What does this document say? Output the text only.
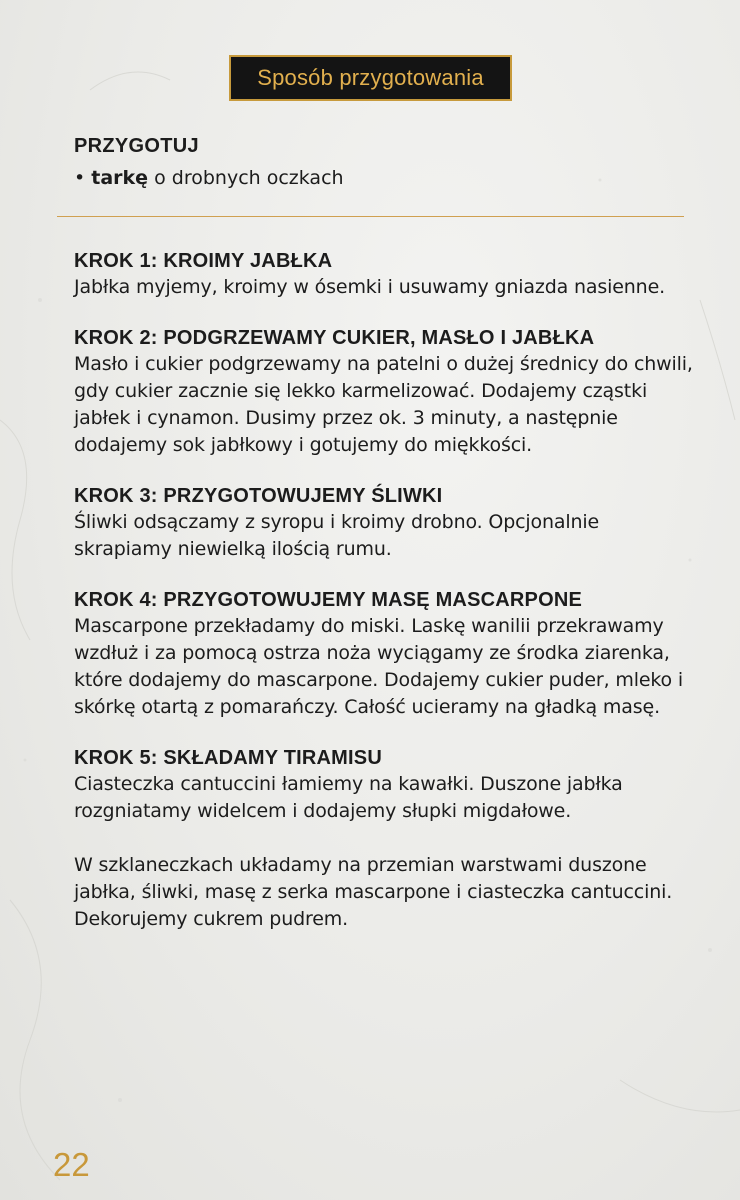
Sposób przygotowania
PRZYGOTUJ
• tarkę o drobnych oczkach
KROK 1: KROIMY JABŁKA

Jabłka myjemy, kroimy w ósemki i usuwamy gniazda nasienne.

KROK 2: PODGRZEWAMY CUKIER, MASŁO I JABŁKA

Masło i cukier podgrzewamy na patelni o dużej średnicy do chwili, gdy cukier zacznie się lekko karmelizować. Dodajemy cząstki jabłek i cynamon. Dusimy przez ok. 3 minuty, a następnie dodajemy sok jabłkowy i gotujemy do miękkości.

KROK 3: PRZYGOTOWUJEMY ŚLIWKI

Śliwki odsączamy z syropu i kroimy drobno. Opcjonalnie skrapiamy niewielką ilością rumu.

KROK 4: PRZYGOTOWUJEMY MASĘ MASCARPONE

Mascarpone przekładamy do miski. Laskę wanilii przekrawamy wzdłuż i za pomocą ostrza noża wyciągamy ze środka ziarenka, które dodajemy do mascarpone. Dodajemy cukier puder, mleko i skórkę otartą z pomarańczy. Całość ucieramy na gładką masę.

KROK 5: SKŁADAMY TIRAMISU

Ciasteczka cantuccini łamiemy na kawałki. Duszone jabłka rozgniatamy widelcem i dodajemy słupki migdałowe.

W szklaneczkach układamy na przemian warstwami duszone jabłka, śliwki, masę z serka mascarpone i ciasteczka cantuccini. Dekorujemy cukrem pudrem.

22
